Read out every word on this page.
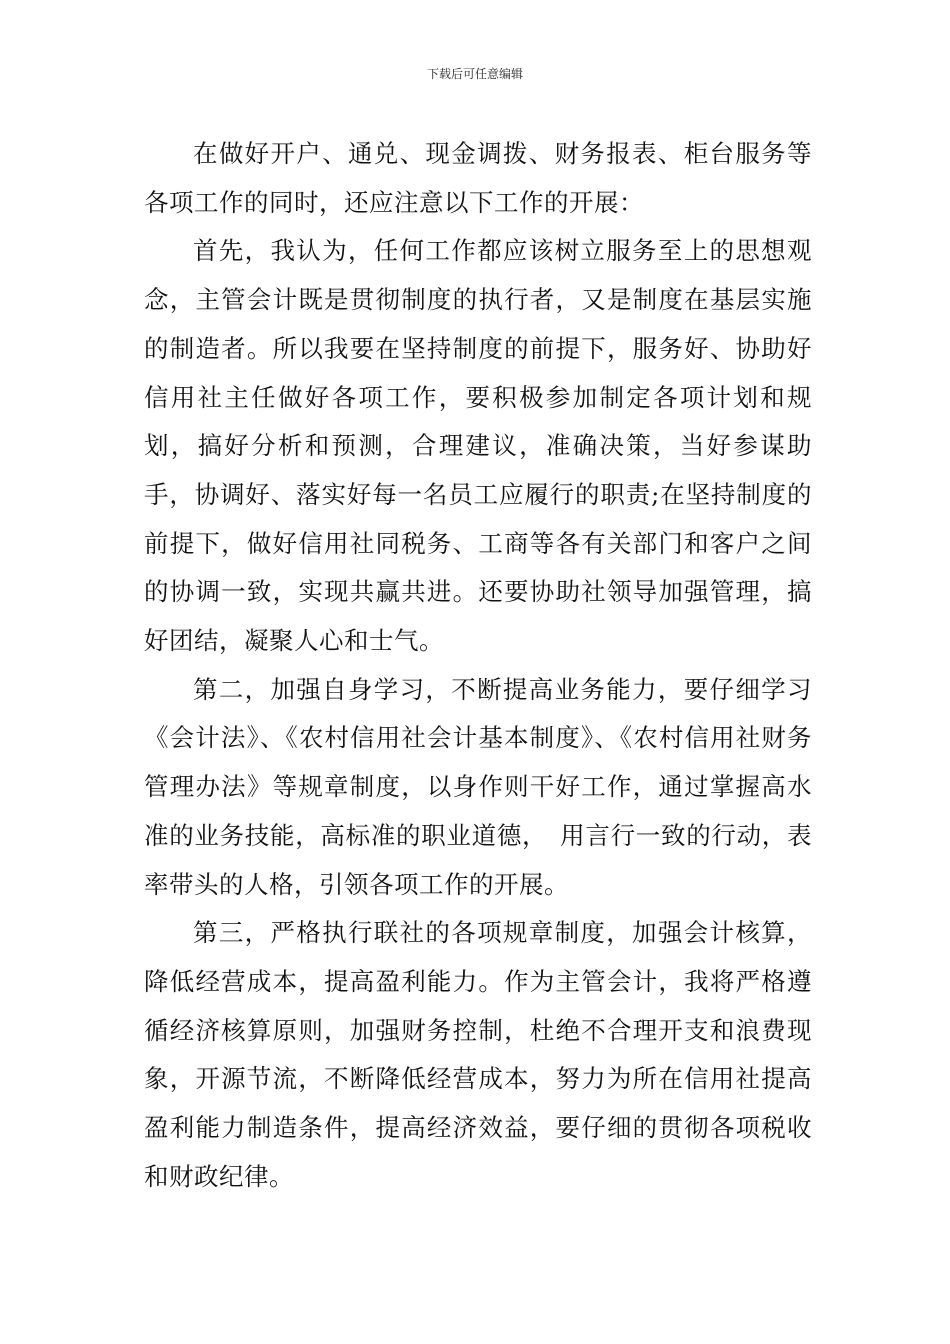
下载后可任意编辑

在做好开户、通兑、现金调拨、财务报表、柜台服务等各项工作的同时，还应注意以下工作的开展：

首先，我认为，任何工作都应该树立服务至上的思想观念，主管会计既是贯彻制度的执行者，又是制度在基层实施的制造者。所以我要在坚持制度的前提下，服务好、协助好信用社主任做好各项工作，要积极参加制定各项计划和规划，搞好分析和预测，合理建议，准确决策，当好参谋助手，协调好、落实好每一名员工应履行的职责;在坚持制度的前提下，做好信用社同税务、工商等各有关部门和客户之间的协调一致，实现共赢共进。还要协助社领导加强管理，搞好团结，凝聚人心和士气。

第二，加强自身学习，不断提高业务能力，要仔细学习《会计法》、《农村信用社会计基本制度》、《农村信用社财务管理办法》等规章制度，以身作则干好工作，通过掌握高水准的业务技能，高标准的职业道德，　用言行一致的行动，表率带头的人格，引领各项工作的开展。

第三，严格执行联社的各项规章制度，加强会计核算，降低经营成本，提高盈利能力。作为主管会计，我将严格遵循经济核算原则，加强财务控制，杜绝不合理开支和浪费现象，开源节流，不断降低经营成本，努力为所在信用社提高盈利能力制造条件，提高经济效益，要仔细的贯彻各项税收和财政纪律。
